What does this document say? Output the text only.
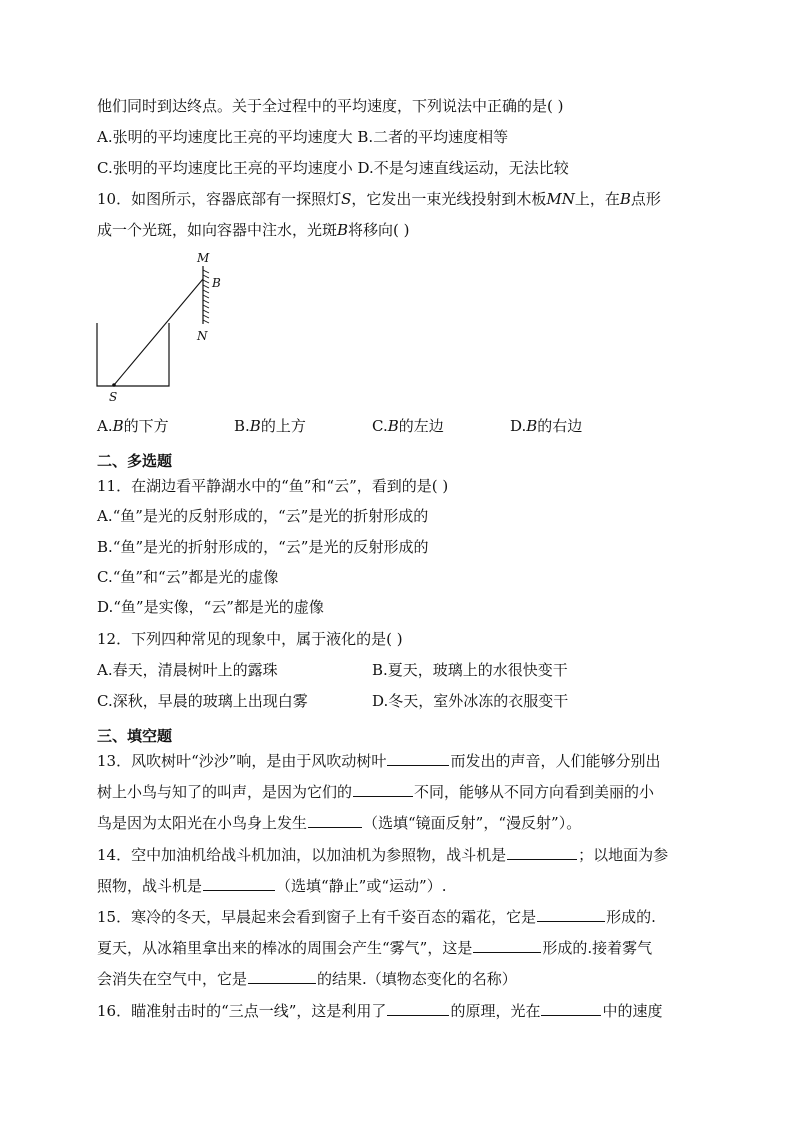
他们同时到达终点。关于全过程中的平均速度，下列说法中正确的是( )
A.张明的平均速度比王亮的平均速度大 B.二者的平均速度相等
C.张明的平均速度比王亮的平均速度小 D.不是匀速直线运动，无法比较
10．如图所示，容器底部有一探照灯S，它发出一束光线投射到木板MN上，在B点形
成一个光斑，如向容器中注水，光斑B将移向( )
M
B
N
S
A.B的下方	B.B的上方	C.B的左边	D.B的右边
二、多选题
11．在湖边看平静湖水中的“鱼”和“云”，看到的是( )
A.“鱼”是光的反射形成的，“云”是光的折射形成的
B.“鱼”是光的折射形成的，“云”是光的反射形成的
C.“鱼”和“云”都是光的虚像
D.“鱼”是实像，“云”都是光的虚像
12．下列四种常见的现象中，属于液化的是( )
A.春天，清晨树叶上的露珠	B.夏天，玻璃上的水很快变干
C.深秋，早晨的玻璃上出现白雾	D.冬天，室外冰冻的衣服变干
三、填空题
13．风吹树叶“沙沙”响，是由于风吹动树叶	而发出的声音，人们能够分别出
树上小鸟与知了的叫声，是因为它们的	不同，能够从不同方向看到美丽的小
鸟是因为太阳光在小鸟身上发生	（选填“镜面反射”，“漫反射”）。
14．空中加油机给战斗机加油，以加油机为参照物，战斗机是	；以地面为参
照物，战斗机是	（选填“静止”或“运动”）.
15．寒冷的冬天，早晨起来会看到窗子上有千姿百态的霜花，它是	形成的.
夏天，从冰箱里拿出来的棒冰的周围会产生“雾气”，这是	形成的.接着雾气
会消失在空气中，它是	的结果.（填物态变化的名称）
16．瞄准射击时的“三点一线”，这是利用了	的原理，光在	中的速度
